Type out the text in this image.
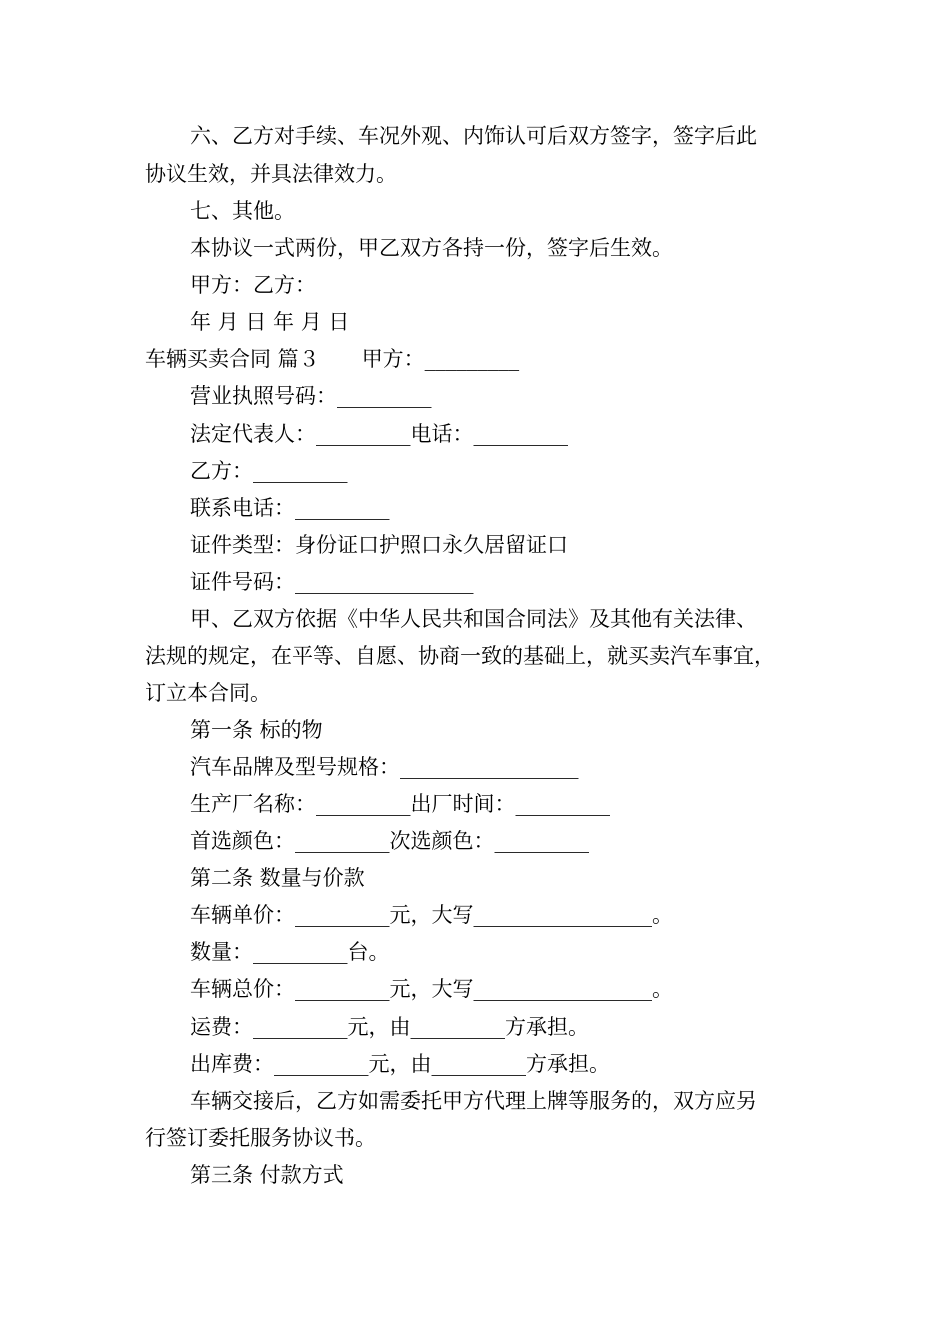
六、乙方对手续、车况外观、内饰认可后双方签字，签字后此
协议生效，并具法律效力。
七、其他。
本协议一式两份，甲乙双方各持一份，签字后生效。
甲方：乙方：
年 月 日 年 月 日
车辆买卖合同 篇３ 甲方：_________
营业执照号码：_________
法定代表人：_________电话：_________
乙方：_________
联系电话：_________
证件类型：身份证口护照口永久居留证口
证件号码：_________________
甲、乙双方依据《中华人民共和国合同法》及其他有关法律、
法规的规定，在平等、自愿、协商一致的基础上，就买卖汽车事宜，
订立本合同。
第一条 标的物
汽车品牌及型号规格：_________________
生产厂名称：_________出厂时间：_________
首选颜色：_________次选颜色：_________
第二条 数量与价款
车辆单价：_________元，大写_________________。
数量：_________台。
车辆总价：_________元，大写_________________。
运费：_________元，由_________方承担。
出库费：_________元，由_________方承担。
车辆交接后，乙方如需委托甲方代理上牌等服务的，双方应另
行签订委托服务协议书。
第三条 付款方式
